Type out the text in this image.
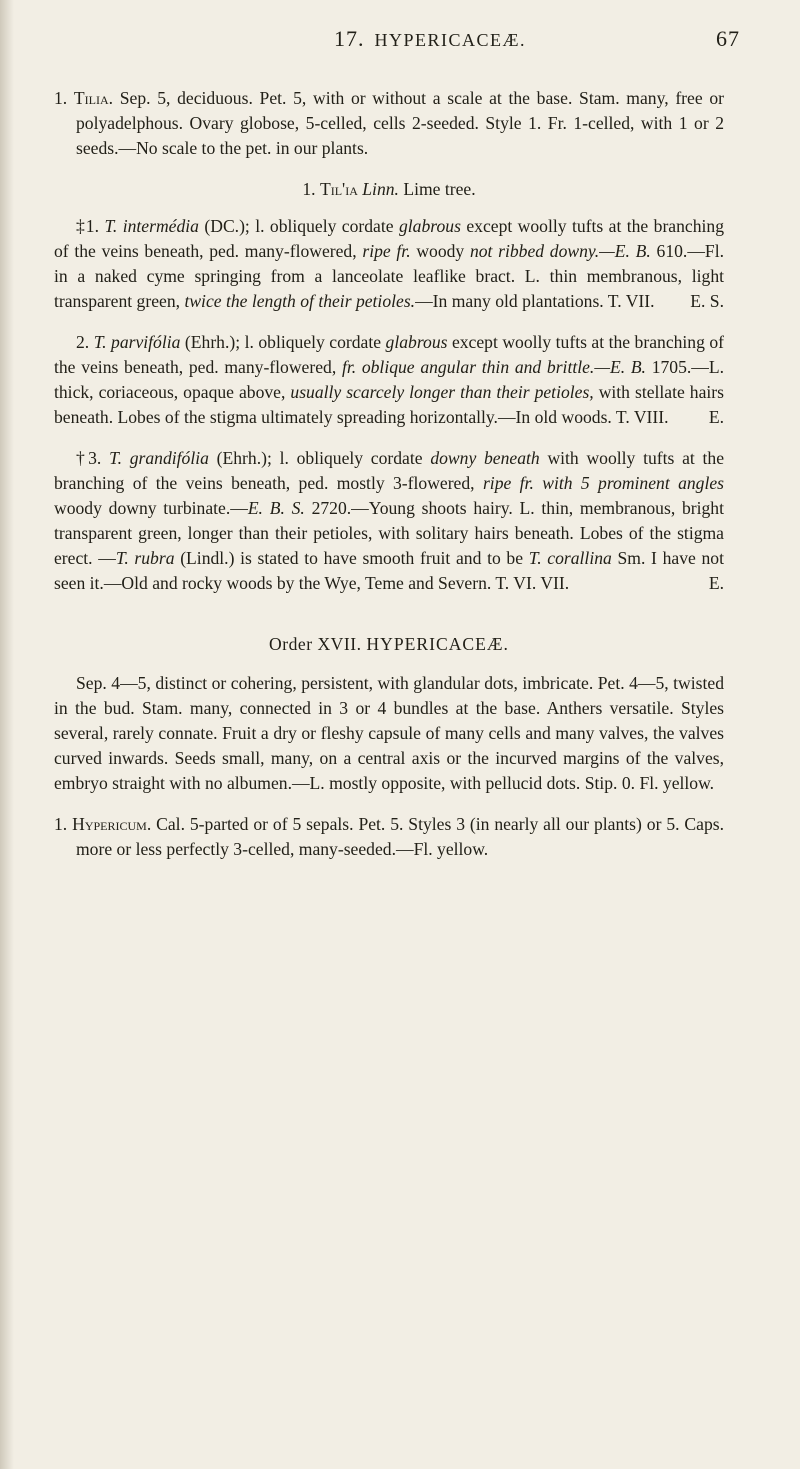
17. HYPERICACEÆ.	67

1. Tilia. Sep. 5, deciduous. Pet. 5, with or without a scale at the base. Stam. many, free or polyadelphous. Ovary globose, 5-celled, cells 2-seeded. Style 1. Fr. 1-celled, with 1 or 2 seeds.—No scale to the pet. in our plants.

1. Til'ia Linn. Lime tree.

‡1. T. intermédia (DC.); l. obliquely cordate glabrous except woolly tufts at the branching of the veins beneath, ped. many-flowered, ripe fr. woody not ribbed downy.—E. B. 610.—Fl. in a naked cyme springing from a lanceolate leaflike bract. L. thin membranous, light transparent green, twice the length of their petioles.—In many old plantations. T. VII.	E. S.

2. T. parvifólia (Ehrh.); l. obliquely cordate glabrous except woolly tufts at the branching of the veins beneath, ped. many-flowered, fr. oblique angular thin and brittle.—E. B. 1705.—L. thick, coriaceous, opaque above, usually scarcely longer than their petioles, with stellate hairs beneath. Lobes of the stigma ultimately spreading horizontally.—In old woods. T. VIII.	E.

†3. T. grandifólia (Ehrh.); l. obliquely cordate downy beneath with woolly tufts at the branching of the veins beneath, ped. mostly 3-flowered, ripe fr. with 5 prominent angles woody downy turbinate.—E. B. S. 2720.—Young shoots hairy. L. thin, membranous, bright transparent green, longer than their petioles, with solitary hairs beneath. Lobes of the stigma erect. —T. rubra (Lindl.) is stated to have smooth fruit and to be T. corallina Sm. I have not seen it.—Old and rocky woods by the Wye, Teme and Severn. T. VI. VII.	E.

Order XVII. HYPERICACEÆ.

Sep. 4—5, distinct or cohering, persistent, with glandular dots, imbricate. Pet. 4—5, twisted in the bud. Stam. many, connected in 3 or 4 bundles at the base. Anthers versatile. Styles several, rarely connate. Fruit a dry or fleshy capsule of many cells and many valves, the valves curved inwards. Seeds small, many, on a central axis or the incurved margins of the valves, embryo straight with no albumen.—L. mostly opposite, with pellucid dots. Stip. 0. Fl. yellow.

1. Hypericum. Cal. 5-parted or of 5 sepals. Pet. 5. Styles 3 (in nearly all our plants) or 5. Caps. more or less perfectly 3-celled, many-seeded.—Fl. yellow.
